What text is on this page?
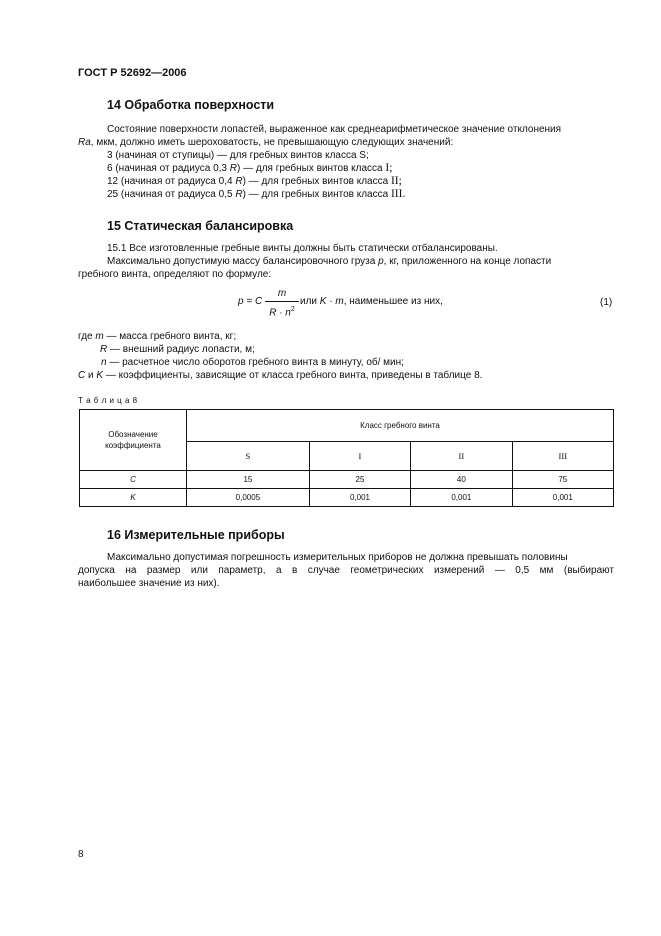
ГОСТ Р 52692—2006
14 Обработка поверхности
Состояние поверхности лопастей, выраженное как среднеарифметическое значение отклонения
Ra, мкм, должно иметь шероховатость, не превышающую следующих значений:
3 (начиная от ступицы) — для гребных винтов класса S;
6 (начиная от радиуса 0,3 R) — для гребных винтов класса I;
12 (начиная от радиуса 0,4 R) — для гребных винтов класса II;
25 (начиная от радиуса 0,5 R) — для гребных винтов класса III.
15 Статическая балансировка
15.1 Все изготовленные гребные винты должны быть статически отбалансированы.
Максимально допустимую массу балансировочного груза p, кг, приложенного на конце лопасти
гребного винта, определяют по формуле:
p = C
m
$R \cdot n^2$
или K · m, наименьшее из них,	(1)
где m — масса гребного винта, кг;
R — внешний радиус лопасти, м;
n — расчетное число оборотов гребного винта в минуту, об/ мин;
C и K — коэффициенты, зависящие от класса гребного винта, приведены в таблице 8.
Т а б л и ц а 8
Обозначение
коэффициента	Класс гребного винта			
	S	I	II	III
C	15	25	40	75
K	0,0005	0,001	0,001	0,001
16 Измерительные приборы
Максимально допустимая погрешность измерительных приборов не должна превышать половины
допуска на размер или параметр, а в случае геометрических измерений — 0,5 мм (выбирают
наибольшее значение из них).
8
